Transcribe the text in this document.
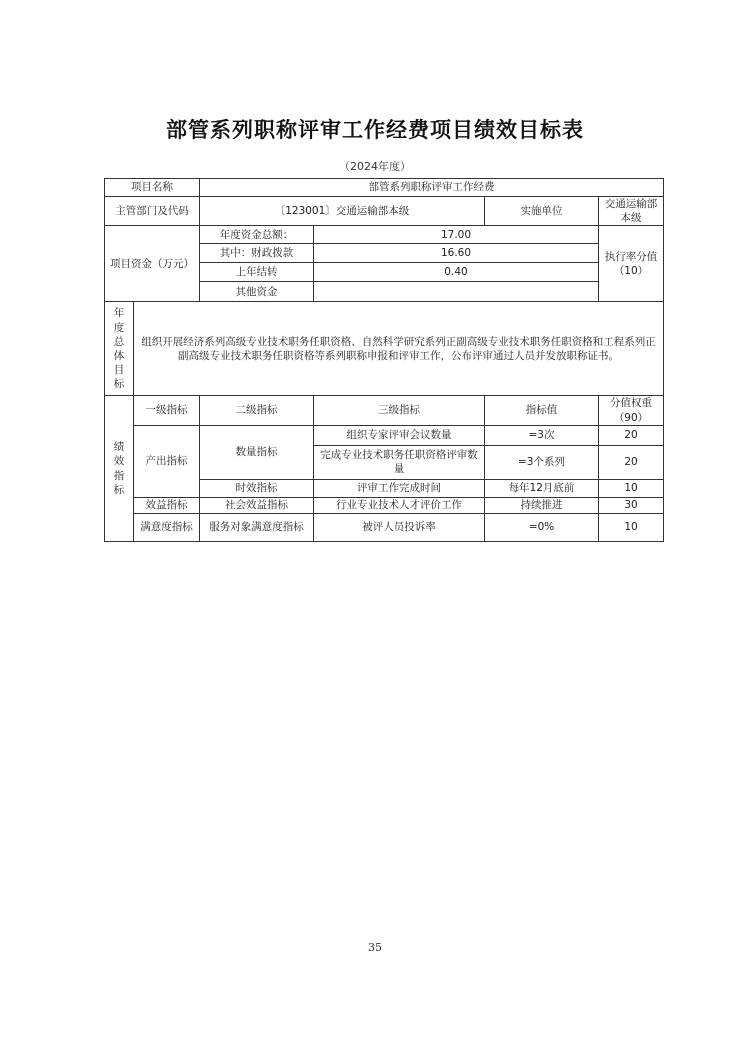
部管系列职称评审工作经费项目绩效目标表
（2024年度）
项目名称		部管系列职称评审工作经费			
主管部门及代码		〔123001〕交通运输部本级		实施单位	交通运输部本级
项目资金（万元）		年度资金总额：	17.00		执行率分值（10）
		其中：财政拨款	16.60		
		上年结转	0.40		
		其他资金			
年度总体目标	组织开展经济系列高级专业技术职务任职资格、自然科学研究系列正副高级专业技术职务任职资格和工程系列正副高级专业技术职务任职资格等系列职称申报和评审工作，公布评审通过人员并发放职称证书。				
绩效指标	一级指标	二级指标	三级指标	指标值	分值权重（90）
	产出指标	数量指标	组织专家评审会议数量	=3次	20
			完成专业技术职务任职资格评审数量	=3个系列	20
		时效指标	评审工作完成时间	每年12月底前	10
	效益指标	社会效益指标	行业专业技术人才评价工作	持续推进	30
	满意度指标	服务对象满意度指标	被评人员投诉率	=0%	10
35
